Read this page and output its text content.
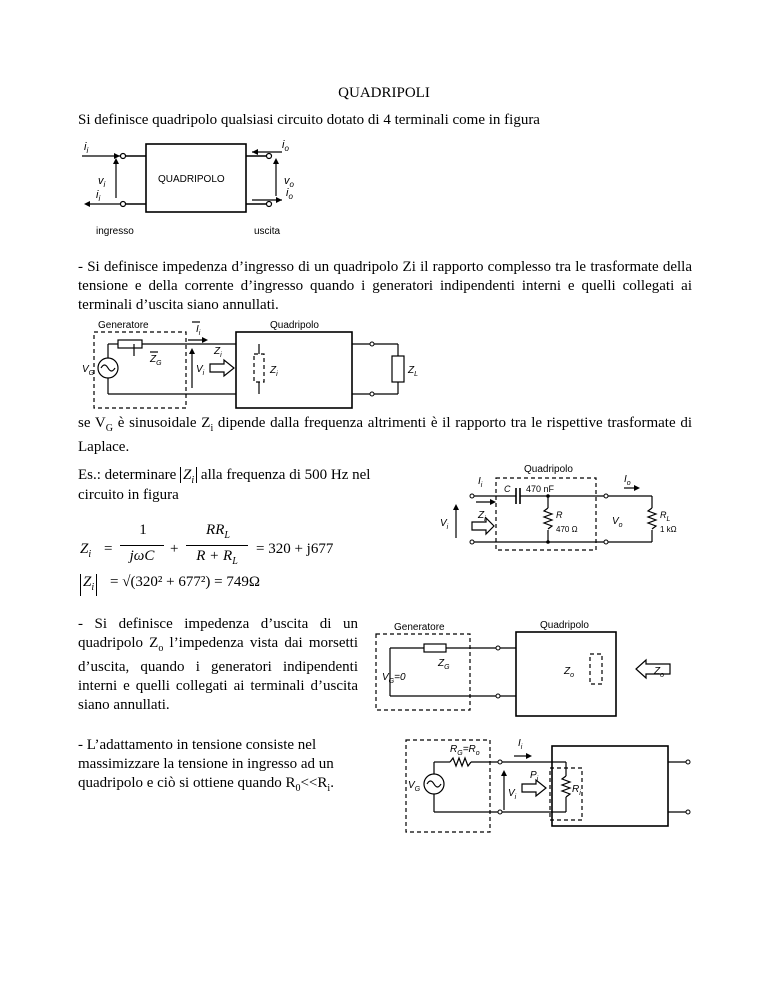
QUADRIPOLI
Si definisce quadripolo qualsiasi circuito dotato di 4 terminali come in figura
QUADRIPOLO
$i_i$	$i_o$
$v_i$	$v_o$
$i_i$	$i_o$
ingresso	uscita
- Si definisce impedenza d’ingresso di un quadripolo Zi il rapporto complesso tra le trasformate della tensione e della corrente d’ingresso quando i generatori indipendenti interni e quelli collegati ai terminali d’uscita siano annullati.
Generatore	Quadripolo
$Z_G$
$V_G$
$I_i$
$V_i$
$Z_i$
$Z_i$	$Z_L$
se $V_G$ è sinusoidale $Z_i$ dipende dalla frequenza altrimenti è il rapporto tra le rispettive trasformate di Laplace.
Es.: determinare $Z_i$ alla frequenza di 500 Hz nel
circuito in figura
$Z_i$ =
1
jωC	+
$RR_L$
$R + R_L$
= 320 + j677
$Z_i = √(320^2 + 677^2) = 749\Omega$
Quadripolo
C 470 nF
$I_i$
$I_o$
$V_i$
$Z_i$	R
470 Ω
$V_o$
$R_L$
1 kΩ
- Si definisce impedenza d’uscita di un quadripolo $Z_o$ l’impedenza vista dai morsetti d’uscita, quando i generatori indipendenti interni e quelli collegati ai terminali d’uscita siano annullati.
Generatore	Quadripolo
$Z_G$
$V_G=0$
$Z_o$	$Z_o$
- L’adattamento in tensione consiste nel massimizzare la tensione in ingresso ad un quadripolo e ciò si ottiene quando $R_0<<R_i$.
$R_G=R_o$
$V_G$
$I_i$
$P_i$
$V_i$
$R_i$
